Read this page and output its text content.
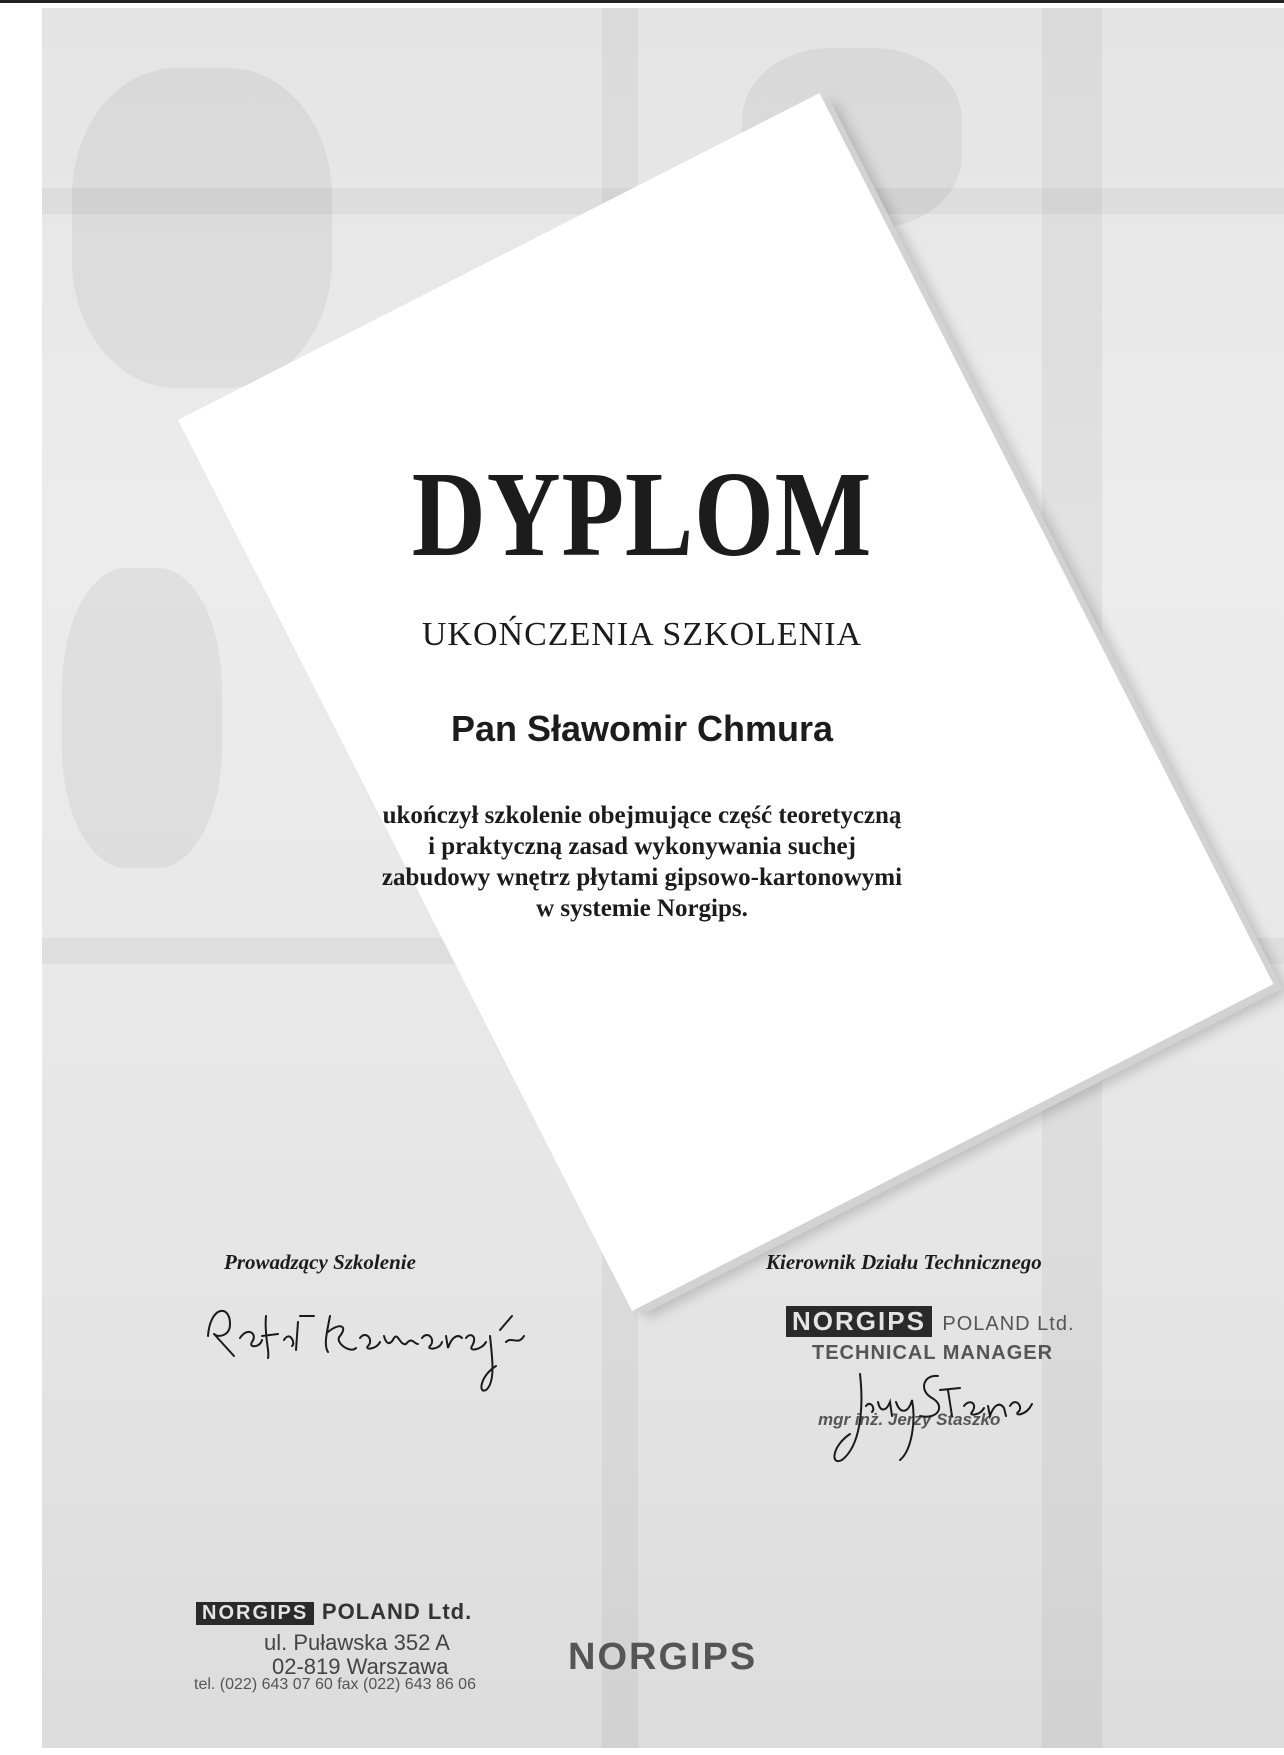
DYPLOM
UKOŃCZENIA SZKOLENIA
Pan Sławomir Chmura
ukończył szkolenie obejmujące część teoretyczną
i praktyczną zasad wykonywania suchej
zabudowy wnętrz płytami gipsowo-kartonowymi
w systemie Norgips.
Prowadzący Szkolenie	Kierownik Działu Technicznego
NORGIPS POLAND Ltd.
TECHNICAL MANAGER
mgr inż. Jerzy Staszko
NORGIPS POLAND Ltd.
ul. Puławska 352 A
02-819 Warszawa
tel. (022) 643 07 60 fax (022) 643 86 06
NORGIPS
